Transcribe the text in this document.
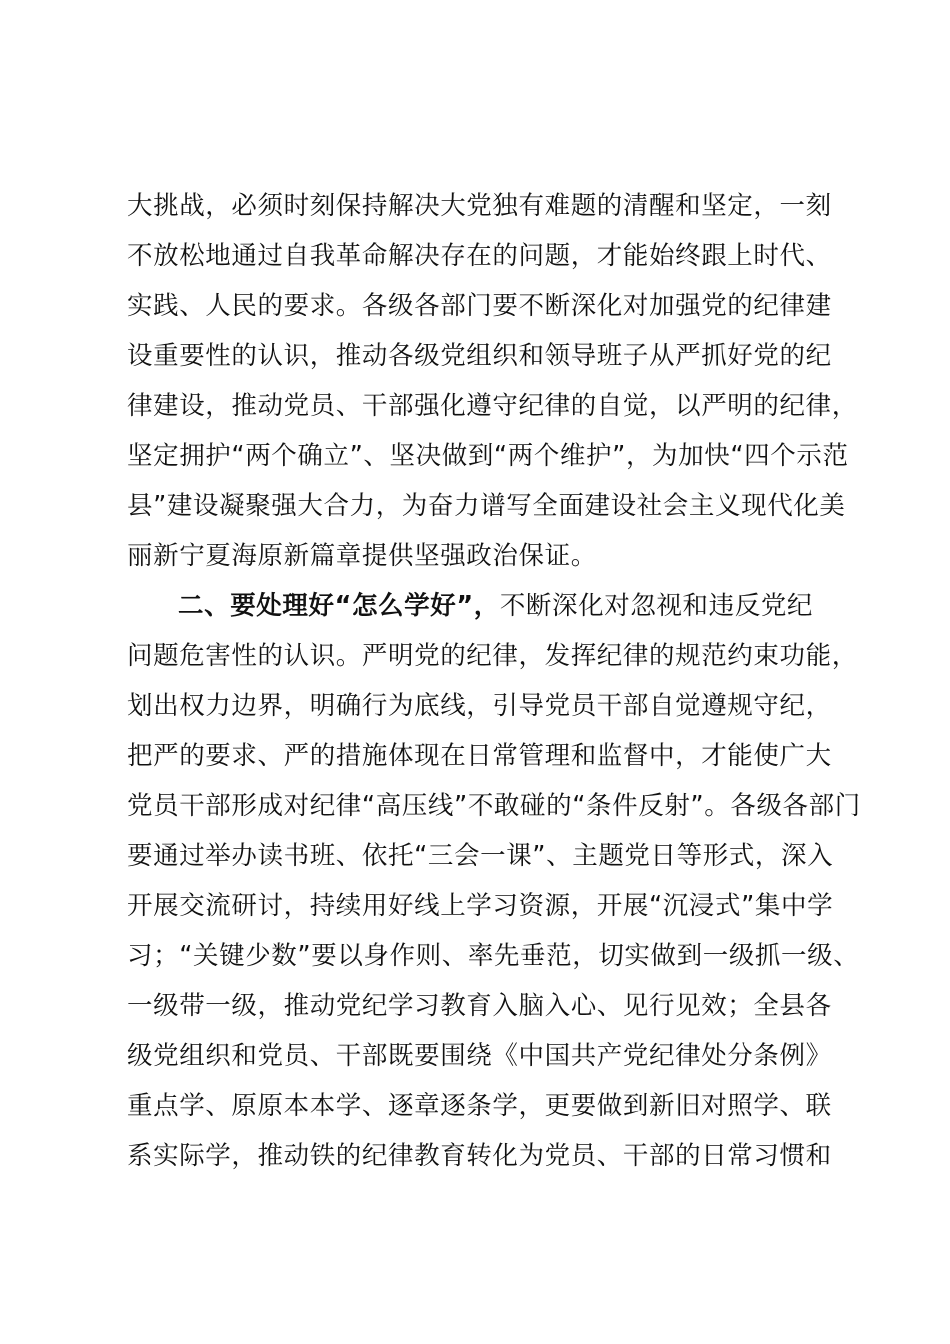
大挑战，必须时刻保持解决大党独有难题的清醒和坚定，一刻
不放松地通过自我革命解决存在的问题，才能始终跟上时代、
实践、人民的要求。各级各部门要不断深化对加强党的纪律建
设重要性的认识，推动各级党组织和领导班子从严抓好党的纪
律建设，推动党员、干部强化遵守纪律的自觉，以严明的纪律，
坚定拥护“两个确立”、坚决做到“两个维护”，为加快“四个示范
县”建设凝聚强大合力，为奋力谱写全面建设社会主义现代化美
丽新宁夏海原新篇章提供坚强政治保证。
二、要处理好“怎么学好”，不断深化对忽视和违反党纪
问题危害性的认识。严明党的纪律，发挥纪律的规范约束功能，
划出权力边界，明确行为底线，引导党员干部自觉遵规守纪，
把严的要求、严的措施体现在日常管理和监督中，才能使广大
党员干部形成对纪律“高压线”不敢碰的“条件反射”。各级各部门
要通过举办读书班、依托“三会一课”、主题党日等形式，深入
开展交流研讨，持续用好线上学习资源，开展“沉浸式”集中学
习；“关键少数”要以身作则、率先垂范，切实做到一级抓一级、
一级带一级，推动党纪学习教育入脑入心、见行见效；全县各
级党组织和党员、干部既要围绕《中国共产党纪律处分条例》
重点学、原原本本学、逐章逐条学，更要做到新旧对照学、联
系实际学，推动铁的纪律教育转化为党员、干部的日常习惯和
